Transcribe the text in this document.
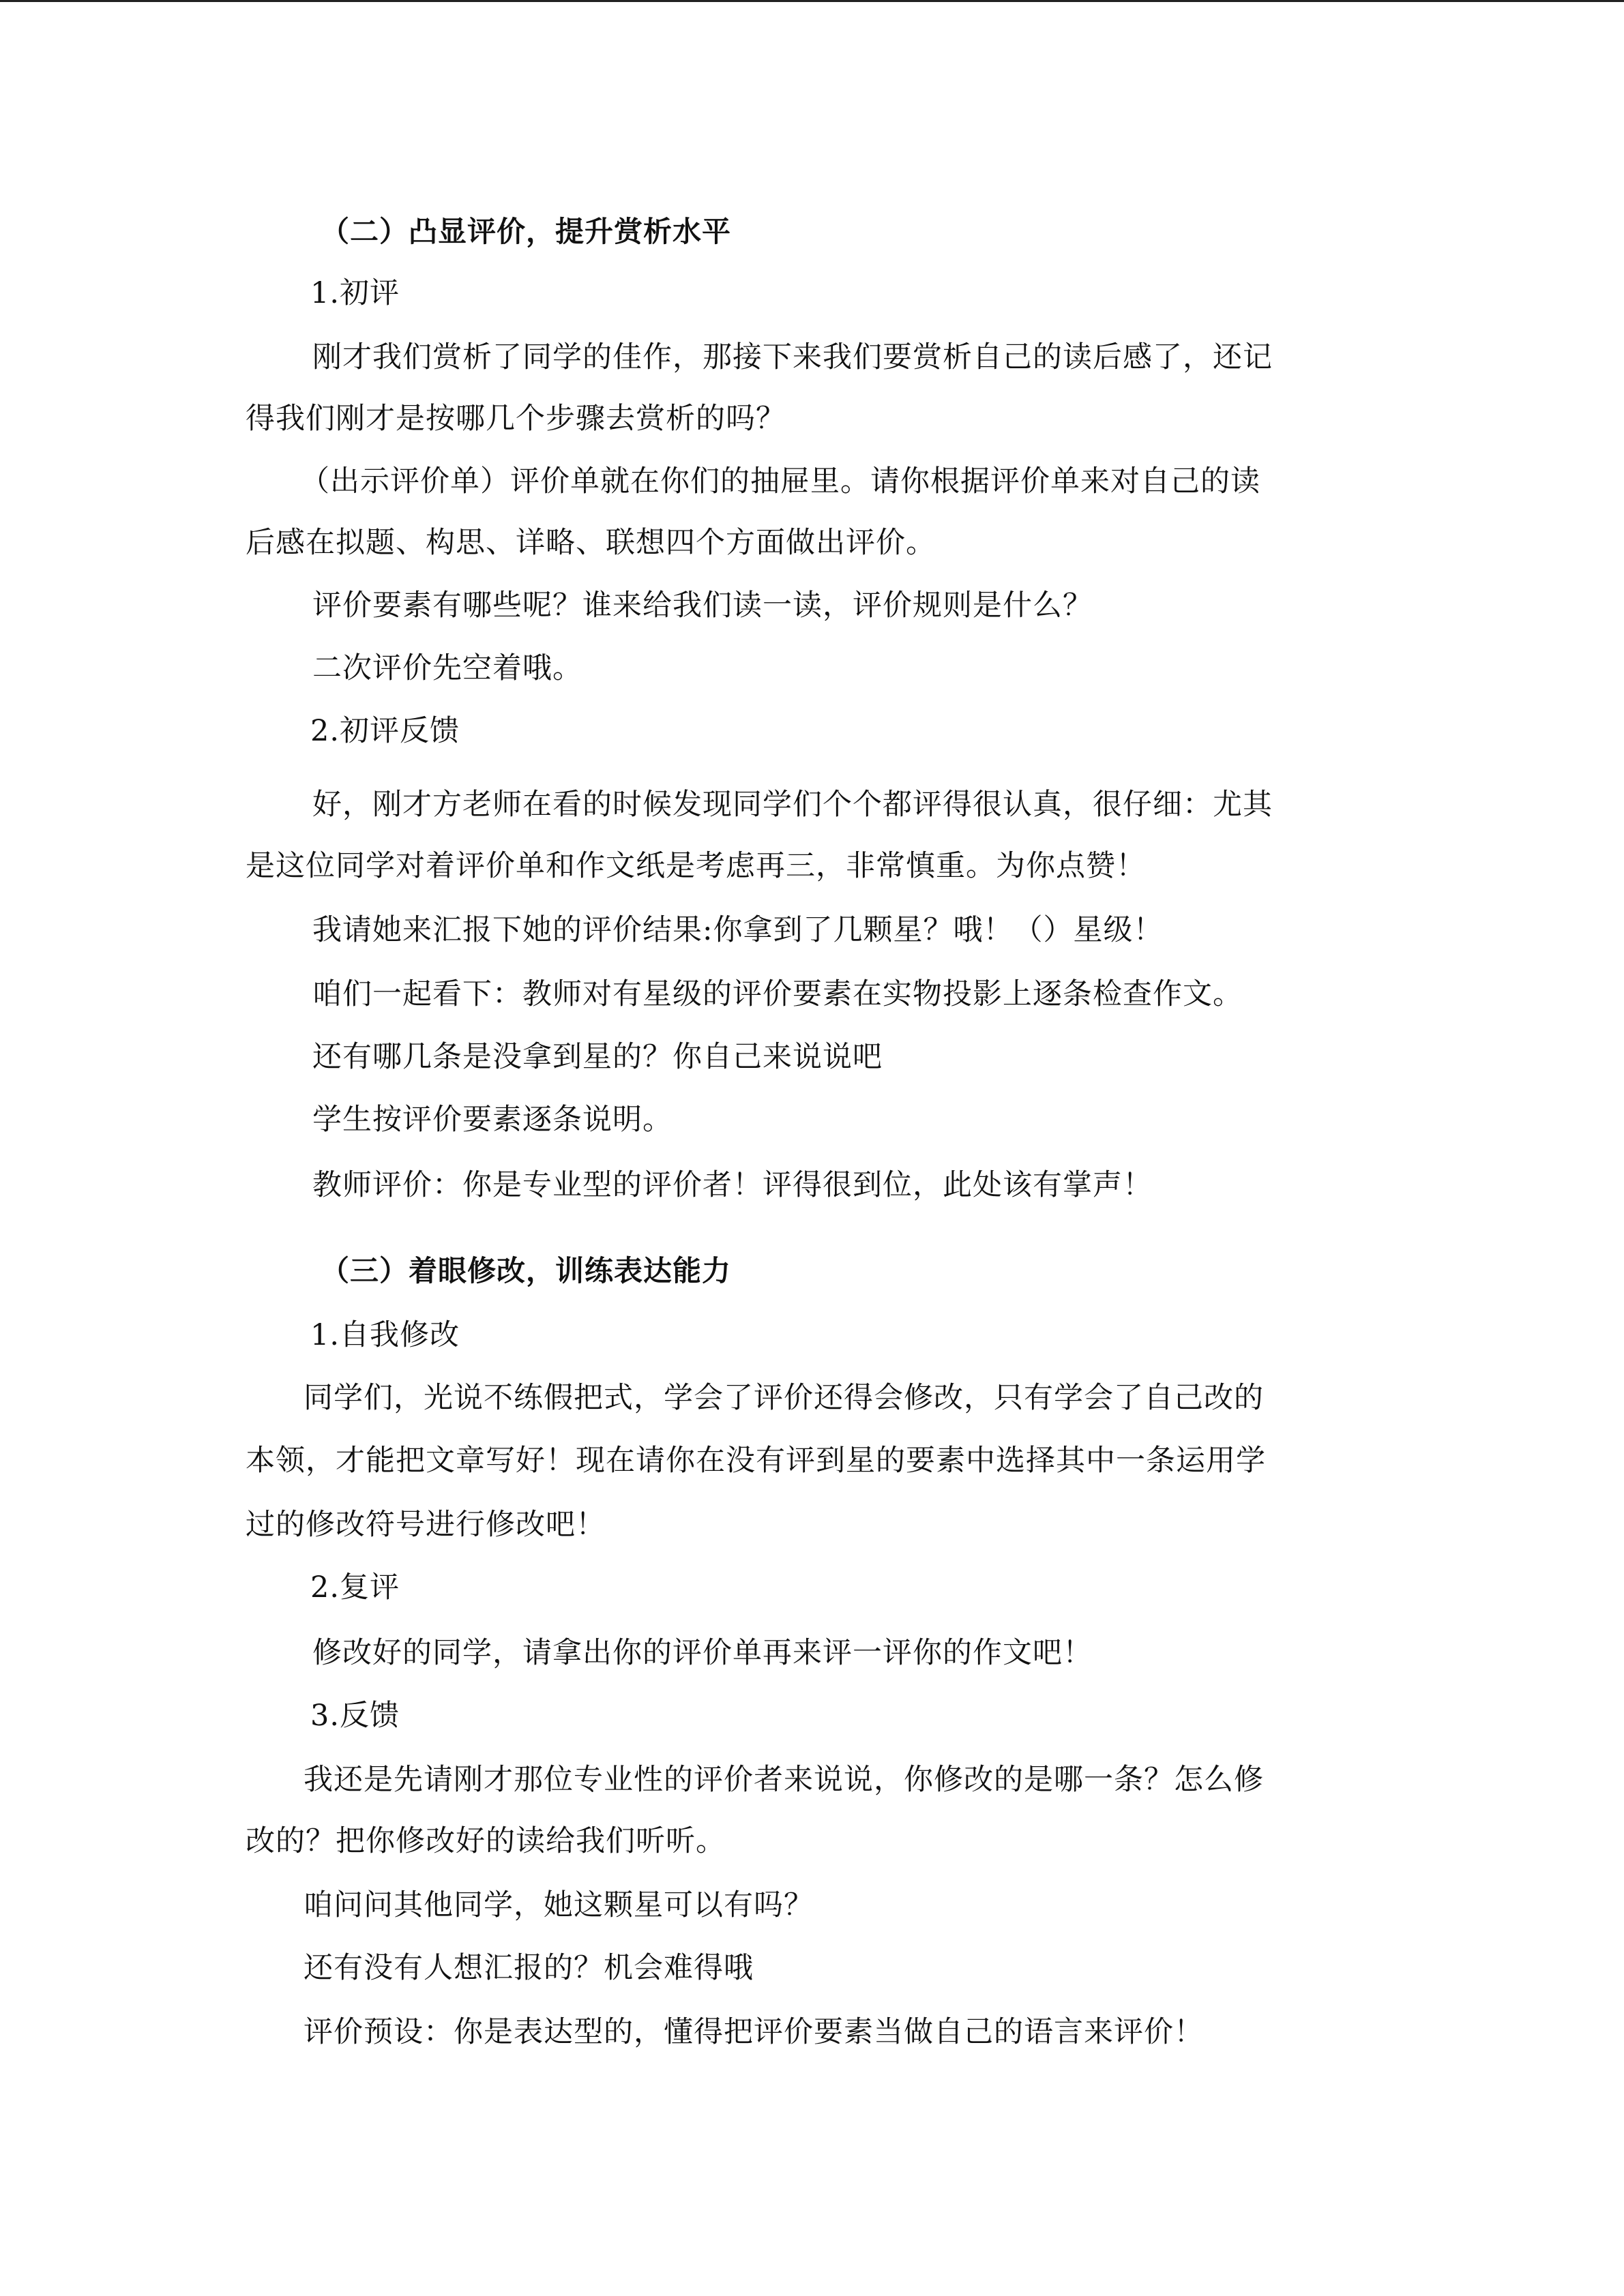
（二）凸显评价，提升赏析水平
1.初评
刚才我们赏析了同学的佳作，那接下来我们要赏析自己的读后感了，还记
得我们刚才是按哪几个步骤去赏析的吗？
（出示评价单）评价单就在你们的抽屉里。请你根据评价单来对自己的读
后感在拟题、构思、详略、联想四个方面做出评价。
评价要素有哪些呢？谁来给我们读一读，评价规则是什么？
二次评价先空着哦。
2.初评反馈
好，刚才方老师在看的时候发现同学们个个都评得很认真，很仔细：尤其
是这位同学对着评价单和作文纸是考虑再三，非常慎重。为你点赞！
我请她来汇报下她的评价结果:你拿到了几颗星？哦！（）星级！
咱们一起看下：教师对有星级的评价要素在实物投影上逐条检查作文。
还有哪几条是没拿到星的？你自己来说说吧
学生按评价要素逐条说明。
教师评价：你是专业型的评价者！评得很到位，此处该有掌声！
（三）着眼修改，训练表达能力
1.自我修改
同学们，光说不练假把式，学会了评价还得会修改，只有学会了自己改的
本领，才能把文章写好！现在请你在没有评到星的要素中选择其中一条运用学
过的修改符号进行修改吧！
2.复评
修改好的同学，请拿出你的评价单再来评一评你的作文吧！
3.反馈
我还是先请刚才那位专业性的评价者来说说，你修改的是哪一条？怎么修
改的？把你修改好的读给我们听听。
咱问问其他同学，她这颗星可以有吗？
还有没有人想汇报的？机会难得哦
评价预设：你是表达型的，懂得把评价要素当做自己的语言来评价！
